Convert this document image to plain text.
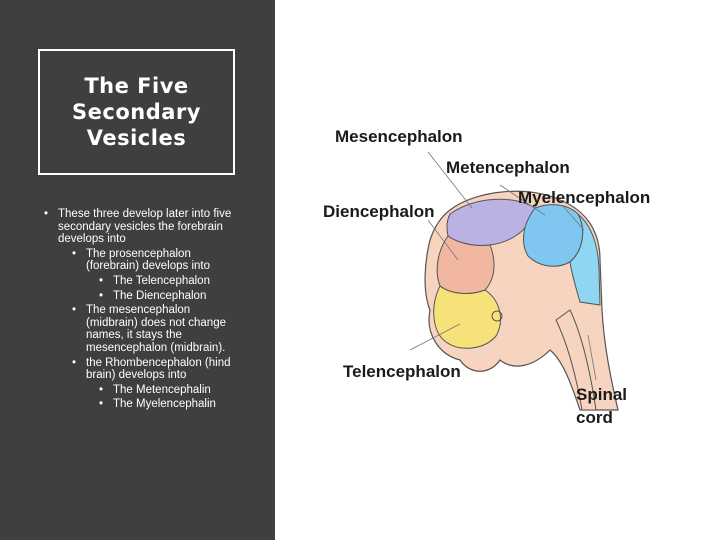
The Five
Secondary
Vesicles
• These three develop later into five secondary vesicles the forebrain develops into
• The prosencephalon (forebrain) develops into
• The Telencephalon
• The Diencephalon
• The mesencephalon (midbrain) does not change names, it stays the mesencephalon (midbrain).
• the Rhombencephalon (hind brain) develops into
• The Metencephalin
• The Myelencephalin
Mesencephalon
Metencephalon
Myelencephalon
Diencephalon
Telencephalon
Spinal
cord
